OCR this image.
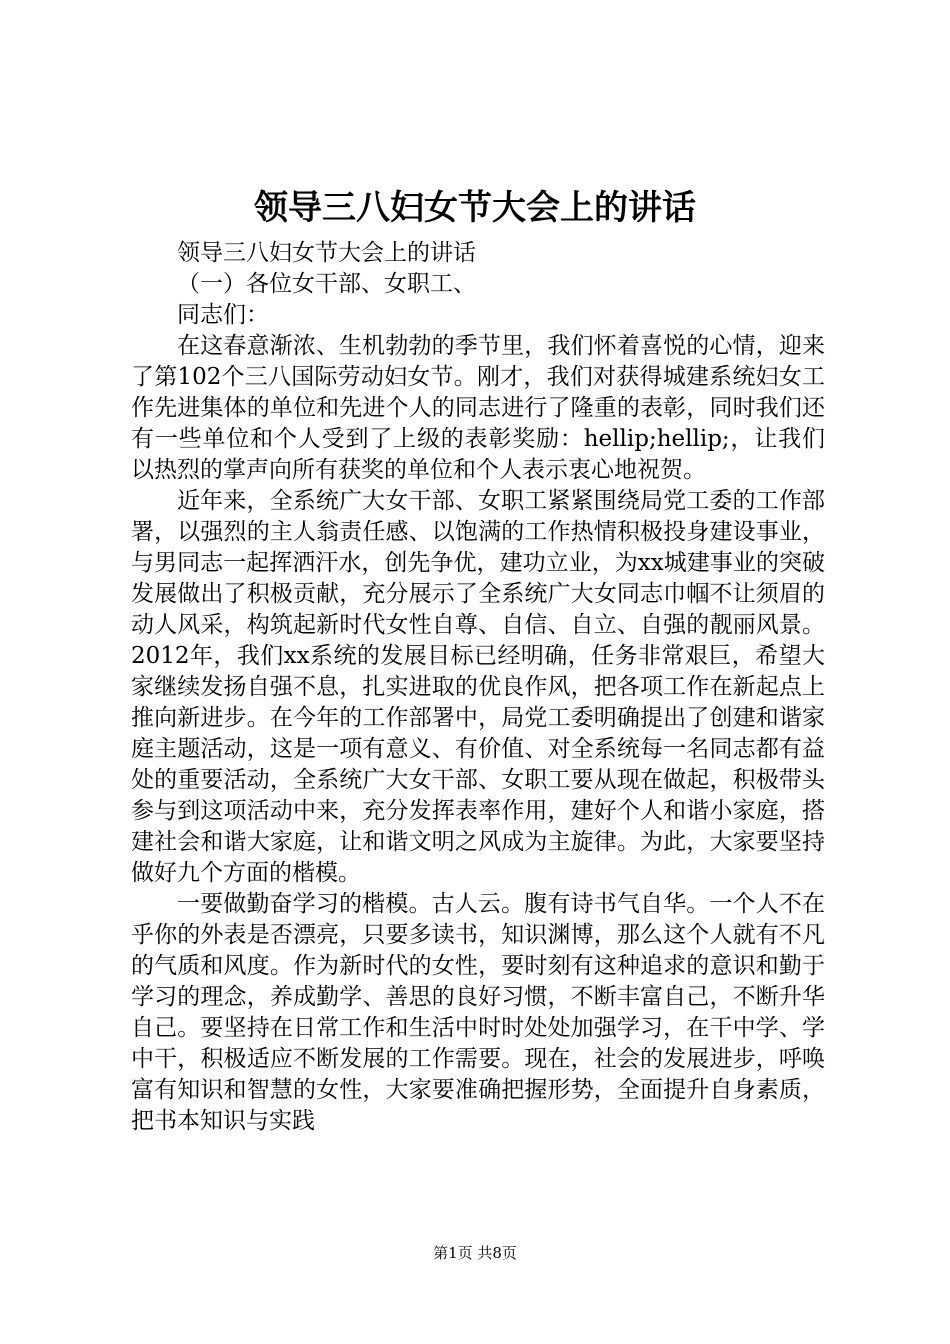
领导三八妇女节大会上的讲话

领导三八妇女节大会上的讲话

（一）各位女干部、女职工、

同志们：

在这春意渐浓、生机勃勃的季节里，我们怀着喜悦的心情，迎来了第102个三八国际劳动妇女节。刚才，我们对获得城建系统妇女工作先进集体的单位和先进个人的同志进行了隆重的表彰，同时我们还有一些单位和个人受到了上级的表彰奖励：hellip;hellip;，让我们以热烈的掌声向所有获奖的单位和个人表示衷心地祝贺。

近年来，全系统广大女干部、女职工紧紧围绕局党工委的工作部署，以强烈的主人翁责任感、以饱满的工作热情积极投身建设事业，与男同志一起挥洒汗水，创先争优，建功立业，为xx城建事业的突破发展做出了积极贡献，充分展示了全系统广大女同志巾帼不让须眉的动人风采，构筑起新时代女性自尊、自信、自立、自强的靓丽风景。2012年，我们xx系统的发展目标已经明确，任务非常艰巨，希望大家继续发扬自强不息，扎实进取的优良作风，把各项工作在新起点上推向新进步。在今年的工作部署中，局党工委明确提出了创建和谐家庭主题活动，这是一项有意义、有价值、对全系统每一名同志都有益处的重要活动，全系统广大女干部、女职工要从现在做起，积极带头参与到这项活动中来，充分发挥表率作用，建好个人和谐小家庭，搭建社会和谐大家庭，让和谐文明之风成为主旋律。为此，大家要坚持做好九个方面的楷模。

一要做勤奋学习的楷模。古人云。腹有诗书气自华。一个人不在乎你的外表是否漂亮，只要多读书，知识渊博，那么这个人就有不凡的气质和风度。作为新时代的女性，要时刻有这种追求的意识和勤于学习的理念，养成勤学、善思的良好习惯，不断丰富自己，不断升华自己。要坚持在日常工作和生活中时时处处加强学习，在干中学、学中干，积极适应不断发展的工作需要。现在，社会的发展进步，呼唤富有知识和智慧的女性，大家要准确把握形势，全面提升自身素质，把书本知识与实践

第1页 共8页
